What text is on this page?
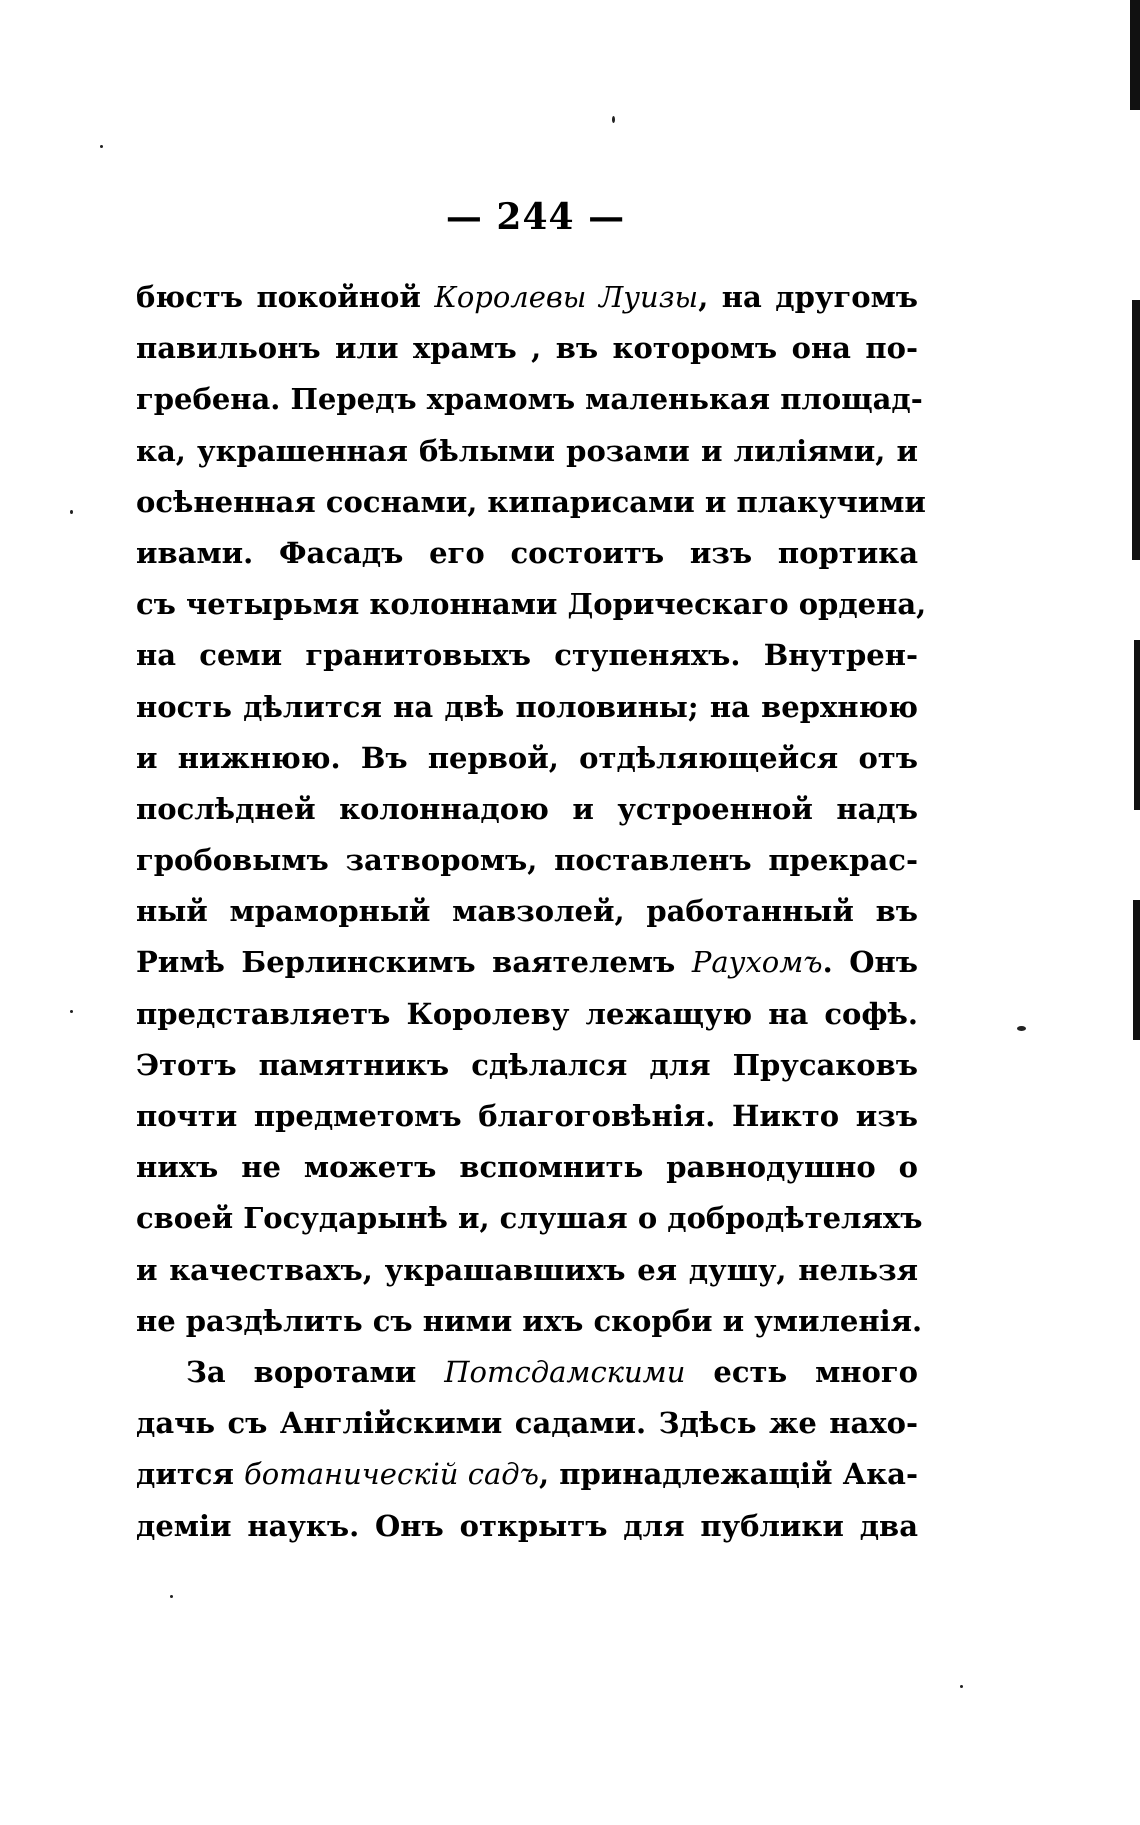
— 244 —
бюстъ покойной Королевы Луизы, на другомъ
павильонъ или храмъ , въ которомъ она по-
гребена. Передъ храмомъ маленькая площад-
ка, украшенная бѣлыми розами и лиліями, и
осѣненная соснами, кипарисами и плакучими
ивами. Фасадъ его состоитъ изъ портика
съ четырьмя колоннами Дорическаго ордена,
на семи гранитовыхъ ступеняхъ. Внутрен-
ность дѣлится на двѣ половины; на верхнюю
и нижнюю. Въ первой, отдѣляющейся отъ
послѣдней колоннадою и устроенной надъ
гробовымъ затворомъ, поставленъ прекрас-
ный мраморный мавзолей, работанный въ
Римѣ Берлинскимъ ваятелемъ Раухомъ. Онъ
представляетъ Королеву лежащую на софѣ.
Этотъ памятникъ сдѣлался для Прусаковъ
почти предметомъ благоговѣнія. Никто изъ
нихъ не можетъ вспомнить равнодушно о
своей Государынѣ и, слушая о добродѣтеляхъ
и качествахъ, украшавшихъ ея душу, нельзя
не раздѣлить съ ними ихъ скорби и умиленія.
За воротами Потсдамскими есть много
дачь съ Англійскими садами. Здѣсь же нахо-
дится ботаническій садъ, принадлежащій Ака-
деміи наукъ. Онъ открытъ для публики два
